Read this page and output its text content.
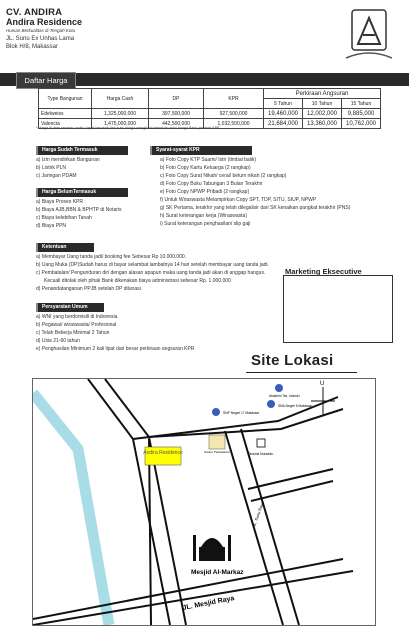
CV. ANDIRA
Andira Residence
Hunian Berkualitas di Tengah Kota
JL. Sunu Ex Unhas Lama
Blok H/8, Makassar
Daftar Harga
Type Bangunan	Harga Cash	DP	KPR	Perkiraan Angsuran		
				5 Tahun	10 Tahun	15 Tahun
Edelweiss	1,325,000,000	397,500,000	927,500,000	19,460,000	12,002,000	9,885,000
Valencia	1,475,000,000	442,500,000	1,032,500,000	21,684,000	13,360,000	10,762,000
* Harga di atas sewaktu-waktu dapat berubah dan suku bunga mengikuti ketentuan suku bunga Bank pemberi KPR
Harga Sudah Termasuk
a) Izin mendirikan Bangunan
b) Listrik PLN
c) Jaringan PDAM
Harga BelumTermasuk
a) Biaya Proses KPR
b) Biaya AJB,BBN & BPHTP di Notaris
c) Biaya kelebihan Tanah
d) Biaya PPN
Syarat-syarat KPR
a) Foto Copy KTP Suami/ Istri (timbal balik)
b) Foto Copy Kartu Keluarga (2 rangkap)
c) Foto Copy Surat Nikah/ cerai/ belum nikah (2 rangkap)
d) Foto Copy Buku Tabungan 3 Bulan Terakhir
e) Foto Copy NPWP Pribadi (2 rangkap)
f) Untuk Wiraswasta Melampirkan Copy SPT, TDP, SITU, SIUP, NPWP
g) SK Pertama, terakhir yang telah dilegalisir dari SK kenaikan pangkat terakhir (PNS)
h) Surat keterangan kerja (Wiraswasta)
i) Surat keterangan penghasilan/ slip gaji
Ketentuan
a) Membayar Uang tanda jadi/ booking fee Sebesar Rp 10.000.000.
b) Uang Muka (DP)Sudah harus di bayar selambat lambatnya 14 hari setelah membayar uang tanda jadi.
c) Pembatalan/ Pengunduran diri dengan alasan apapun maka uang tanda jadi akan di anggap hangus.
Kecuali ditolak oleh pihak Bank dikenakan biaya administrasi sebesar Rp. 1.000.000
d) Penandatanganan PPJB setelah DP dilunasi.
Marketing Eksecutive
Persyaratan Umum
a) WNI yang berdomisili di Indonesia
b) Pegawai/ wiraswasta/ Profesional
c) Telah Bekerja Minimal 2 Tahun
d) Usia 21-60 tahun
e) Penghasilan Minimum 2 kali lipat dari besar perkiraan angsuran KPR
Site Lokasi
Andira Residence	Kantor Perlawanter
SMP Negeri 17 Makassar
SMA Negeri 5 Makassar
Akademi Tek. Industri
Tinamia Muradiku
U
JL. Mesjid Raya
JL. Sunu Raya
Mesjid Al-Markaz
